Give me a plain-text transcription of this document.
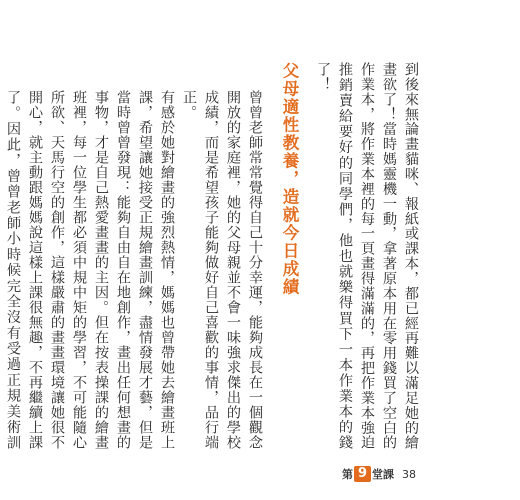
到後來無論畫貓咪、報紙或課本，都已經再難以滿足她的繪畫欲了！當時媽靈機一動，拿著原本用在零用錢買了空白的作業本，將作業本裡的每一頁畫得滿滿的，再把作業本強迫推銷賣給要好的同學們，他也就樂得買下一本作業本的錢了！

父母適性教養，造就今日成績

曾曾老師常常覺得自己十分幸運，能夠成長在一個觀念開放的家庭裡，她的父母親並不會一味強求傑出的學校成績，而是希望孩子能夠做好自己喜歡的事情，品行端正。

有感於她對繪畫的強烈熱情，媽媽也曾帶她去繪畫班上課，希望讓她接受正規繪畫訓練，盡情發展才藝，但是當時曾曾發現：能夠自由自在地創作，畫出任何想畫的事物，才是自己熱愛畫畫的主因。但在按表操課的繪畫班裡，每一位學生都必須中規中矩的學習，不可能隨心所欲、天馬行空的創作，這樣嚴肅的畫畫環境讓她很不開心，就主動跟媽媽說這樣上課很無趣，不再繼續上課了。因此，曾曾老師小時候完全沒有受過正規美術訓

第 9 堂課 38
